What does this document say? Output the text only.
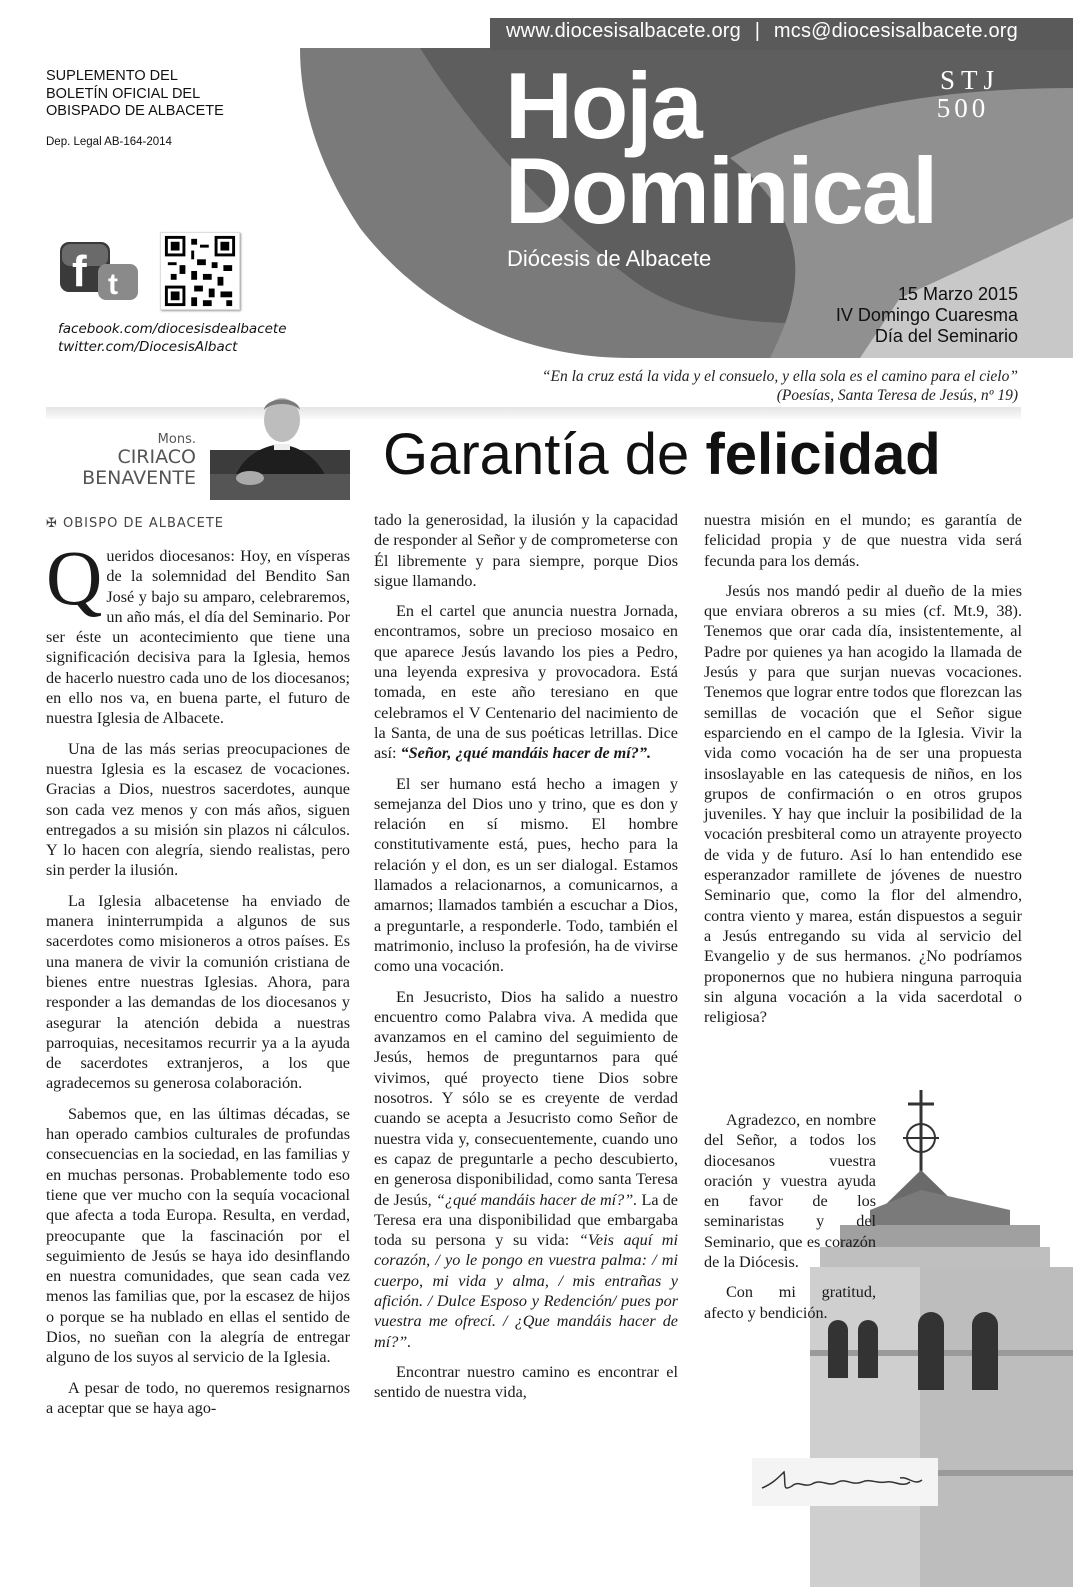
www.diocesisalbacete.org | mcs@diocesisalbacete.org
SUPLEMENTO DEL
BOLETÍN OFICIAL DEL
OBISPADO DE ALBACETE
Dep. Legal AB-164-2014
f t
facebook.com/diocesisdealbacete
twitter.com/DiocesisAlbact
Hoja
Dominical
Diócesis de Albacete
STJ
500
15 Marzo 2015
IV Domingo Cuaresma
Día del Seminario
“En la cruz está la vida y el consuelo, y ella sola es el camino para el cielo”
(Poesías, Santa Teresa de Jesús, nº 19)
Mons.
CIRIACO
BENAVENTE
✠ OBISPO DE ALBACETE
Garantía de felicidad

Queridos diocesanos: Hoy, en vísperas de la solemnidad del Bendito San José y bajo su amparo, celebraremos, un año más, el día del Seminario. Por ser éste un acontecimiento que tiene una significación decisiva para la Iglesia, hemos de hacerlo nuestro cada uno de los diocesanos; en ello nos va, en buena parte, el futuro de nuestra Iglesia de Albacete.

Una de las más serias preocupaciones de nuestra Iglesia es la escasez de vocaciones. Gracias a Dios, nuestros sacerdotes, aunque son cada vez menos y con más años, siguen entregados a su misión sin plazos ni cálculos. Y lo hacen con alegría, siendo realistas, pero sin perder la ilusión.

La Iglesia albacetense ha enviado de manera ininterrumpida a algunos de sus sacerdotes como misioneros a otros países. Es una manera de vivir la comunión cristiana de bienes entre nuestras Iglesias. Ahora, para responder a las demandas de los diocesanos y asegurar la atención debida a nuestras parroquias, necesitamos recurrir ya a la ayuda de sacerdotes extranjeros, a los que agradecemos su generosa colaboración.

Sabemos que, en las últimas décadas, se han operado cambios culturales de profundas consecuencias en la sociedad, en las familias y en muchas personas. Probablemente todo eso tiene que ver mucho con la sequía vocacional que afecta a toda Europa. Resulta, en verdad, preocupante que la fascinación por el seguimiento de Jesús se haya ido desinflando en nuestra comunidades, que sean cada vez menos las familias que, por la escasez de hijos o porque se ha nublado en ellas el sentido de Dios, no sueñan con la alegría de entregar alguno de los suyos al servicio de la Iglesia.

A pesar de todo, no queremos resignarnos a aceptar que se haya ago-

tado la generosidad, la ilusión y la capacidad de responder al Señor y de comprometerse con Él libremente y para siempre, porque Dios sigue llamando.

En el cartel que anuncia nuestra Jornada, encontramos, sobre un precioso mosaico en que aparece Jesús lavando los pies a Pedro, una leyenda expresiva y provocadora. Está tomada, en este año teresiano en que celebramos el V Centenario del nacimiento de la Santa, de una de sus poéticas letrillas. Dice así: “Señor, ¿qué mandáis hacer de mí?”.

El ser humano está hecho a imagen y semejanza del Dios uno y trino, que es don y relación en sí mismo. El hombre constitutivamente está, pues, hecho para la relación y el don, es un ser dialogal. Estamos llamados a relacionarnos, a comunicarnos, a amarnos; llamados también a escuchar a Dios, a preguntarle, a responderle. Todo, también el matrimonio, incluso la profesión, ha de vivirse como una vocación.

En Jesucristo, Dios ha salido a nuestro encuentro como Palabra viva. A medida que avanzamos en el camino del seguimiento de Jesús, hemos de preguntarnos para qué vivimos, qué proyecto tiene Dios sobre nosotros. Y sólo se es creyente de verdad cuando se acepta a Jesucristo como Señor de nuestra vida y, consecuentemente, cuando uno es capaz de preguntarle a pecho descubierto, en generosa disponibilidad, como santa Teresa de Jesús, “¿qué mandáis hacer de mí?”. La de Teresa era una disponibilidad que embargaba toda su persona y su vida: “Veis aquí mi corazón, / yo le pongo en vuestra palma: / mi cuerpo, mi vida y alma, / mis entrañas y afición. / Dulce Esposo y Redención/ pues por vuestra me ofrecí. / ¿Que mandáis hacer de mí?”.

Encontrar nuestro camino es encontrar el sentido de nuestra vida,

nuestra misión en el mundo; es garantía de felicidad propia y de que nuestra vida será fecunda para los demás.

Jesús nos mandó pedir al dueño de la mies que enviara obreros a su mies (cf. Mt.9, 38). Tenemos que orar cada día, insistentemente, al Padre por quienes ya han acogido la llamada de Jesús y para que surjan nuevas vocaciones. Tenemos que lograr entre todos que florezcan las semillas de vocación que el Señor sigue esparciendo en el campo de la Iglesia. Vivir la vida como vocación ha de ser una propuesta insoslayable en las catequesis de niños, en los grupos de confirmación o en otros grupos juveniles. Y hay que incluir la posibilidad de la vocación presbiteral como un atrayente proyecto de vida y de futuro. Así lo han entendido ese esperanzador ramillete de jóvenes de nuestro Seminario que, como la flor del almendro, contra viento y marea, están dispuestos a seguir a Jesús entregando su vida al servicio del Evangelio y de sus hermanos. ¿No podríamos proponernos que no hubiera ninguna parroquia sin alguna vocación a la vida sacerdotal o religiosa?

Agradezco, en nombre del Señor, a todos los diocesanos vuestra oración y vuestra ayuda en favor de los seminaristas y del Seminario, que es corazón de la Diócesis.

Con mi gratitud, afecto y bendición.
